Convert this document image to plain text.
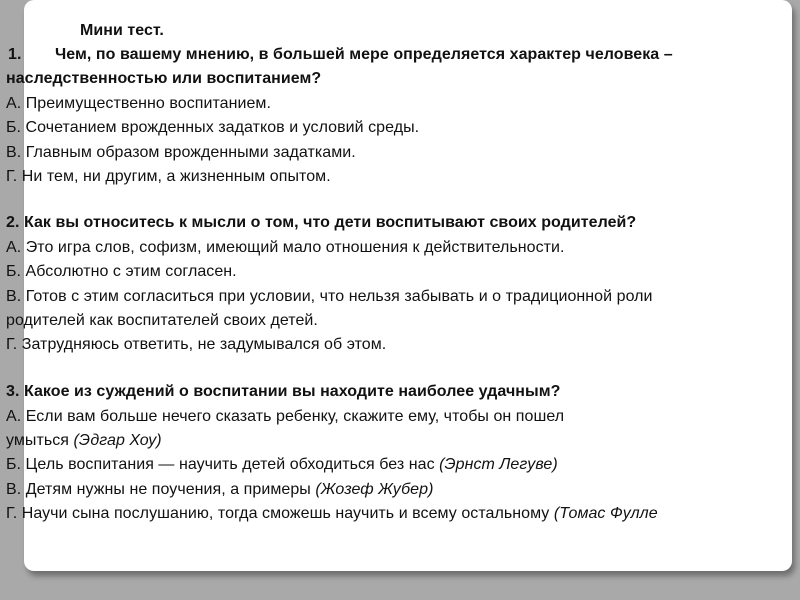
Мини тест.
1. Чем, по вашему мнению, в большей мере определяется характер человека –
наследственностью или воспитанием?
А. Преимущественно воспитанием.
Б. Сочетанием врожденных задатков и условий среды.
В. Главным образом врожденными задатками.
Г. Ни тем, ни другим, а жизненным опытом.
2. Как вы относитесь к мысли о том, что дети воспитывают своих родителей?
А. Это игра слов, софизм, имеющий мало отношения к действительности.
Б. Абсолютно с этим согласен.
В. Готов с этим согласиться при условии, что нельзя забывать и о традиционной роли
родителей как воспитателей своих детей.
Г. Затрудняюсь ответить, не задумывался об этом.
3. Какое из суждений о воспитании вы находите наиболее удачным?
А. Если вам больше нечего сказать ребенку, скажите ему, чтобы он пошел
умыться (Эдгар Хоу)
Б. Цель воспитания — научить детей обходиться без нас (Эрнст Легуве)
В. Детям нужны не поучения, а примеры (Жозеф Жубер)
Г. Научи сына послушанию, тогда сможешь научить и всему остальному (Томас Фулле
